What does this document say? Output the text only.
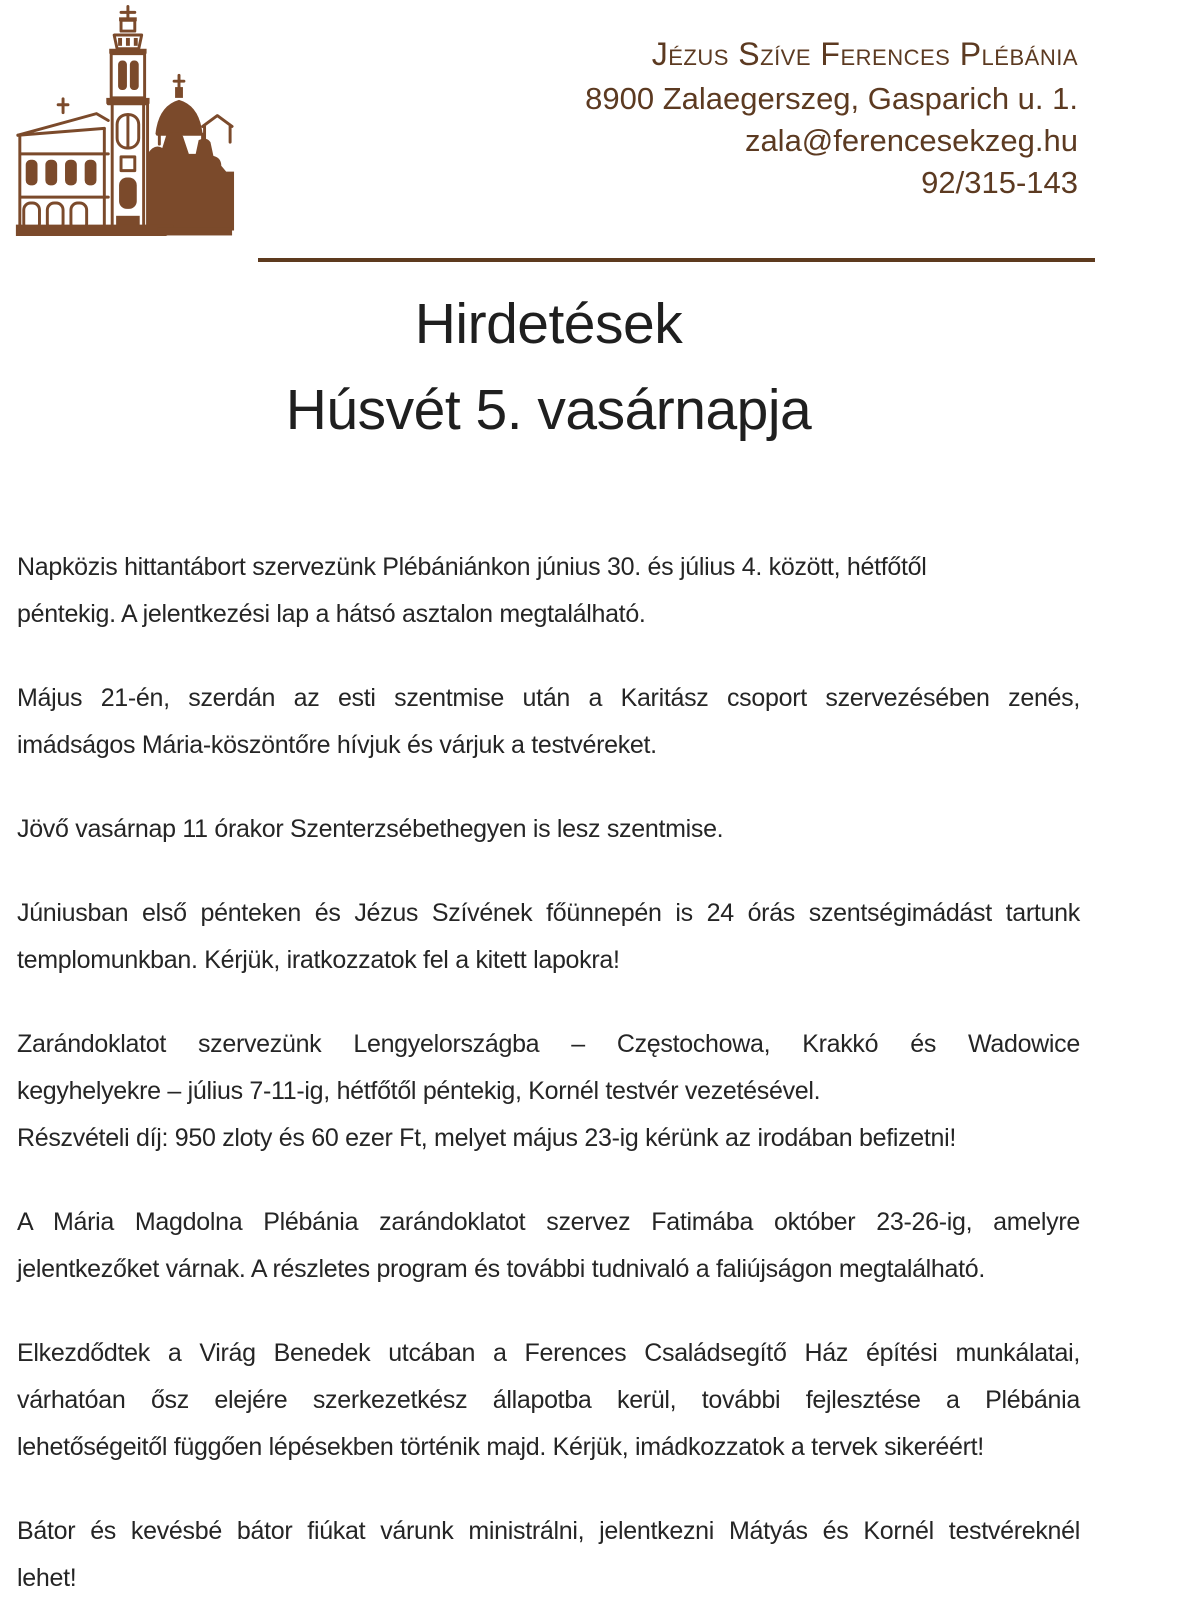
Jézus Szíve Ferences Plébánia
8900 Zalaegerszeg, Gasparich u. 1.
zala@ferencesekzeg.hu
92/315-143
Hirdetések
Húsvét 5. vasárnapja
Napközis hittantábort szervezünk Plébániánkon június 30. és július 4. között, hétfőtől
péntekig. A jelentkezési lap a hátsó asztalon megtalálható.
Május 21-én, szerdán az esti szentmise után a Karitász csoport szervezésében zenés,
imádságos Mária-köszöntőre hívjuk és várjuk a testvéreket.
Jövő vasárnap 11 órakor Szenterzsébethegyen is lesz szentmise.
Júniusban első pénteken és Jézus Szívének főünnepén is 24 órás szentségimádást tartunk
templomunkban. Kérjük, iratkozzatok fel a kitett lapokra!
Zarándoklatot szervezünk Lengyelországba – Częstochowa, Krakkó és Wadowice
kegyhelyekre – július 7-11-ig, hétfőtől péntekig, Kornél testvér vezetésével.
Részvételi díj: 950 zloty és 60 ezer Ft, melyet május 23-ig kérünk az irodában befizetni!
A Mária Magdolna Plébánia zarándoklatot szervez Fatimába október 23-26-ig, amelyre
jelentkezőket várnak. A részletes program és további tudnivaló a faliújságon megtalálható.
Elkezdődtek a Virág Benedek utcában a Ferences Családsegítő Ház építési munkálatai,
várhatóan ősz elejére szerkezetkész állapotba kerül, további fejlesztése a Plébánia
lehetőségeitől függően lépésekben történik majd. Kérjük, imádkozzatok a tervek sikeréért!
Bátor és kevésbé bátor fiúkat várunk ministrálni, jelentkezni Mátyás és Kornél testvéreknél
lehet!
